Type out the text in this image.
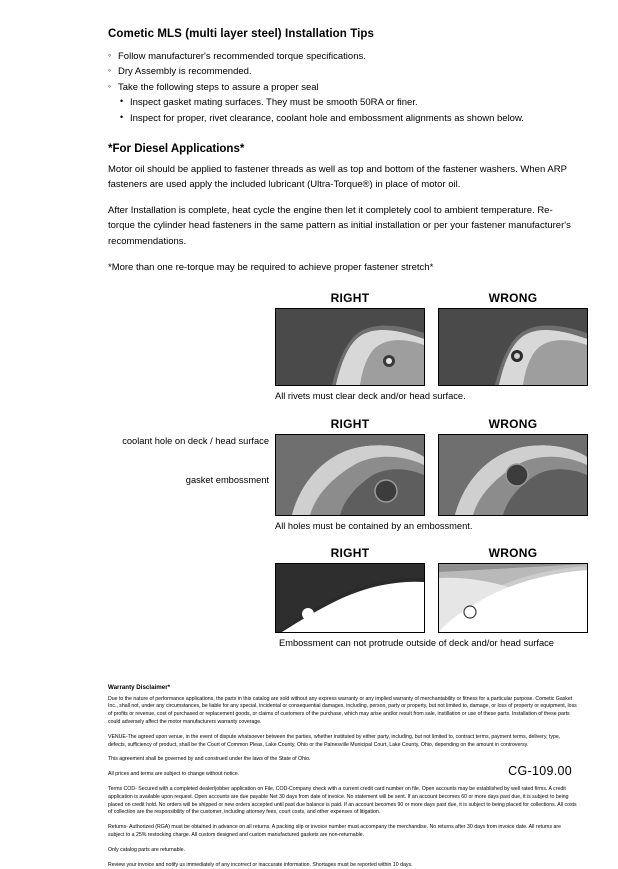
Cometic MLS (multi layer steel) Installation Tips
◦ Follow manufacturer's recommended torque specifications.
◦ Dry Assembly is recommended.
◦ Take the following steps to assure a proper seal
• Inspect gasket mating surfaces. They must be smooth 50RA or finer.
• Inspect for proper, rivet clearance, coolant hole and embossment alignments as shown below.
*For Diesel Applications*

Motor oil should be applied to fastener threads as well as top and bottom of the fastener washers. When ARP fasteners are used apply the included lubricant (Ultra-Torque®) in place of motor oil.

After Installation is complete, heat cycle the engine then let it completely cool to ambient temperature. Re-torque the cylinder head fasteners in the same pattern as initial installation or per your fastener manufacturer's recommendations.

*More than one re-torque may be required to achieve proper fastener stretch*

RIGHT	WRONG
All rivets must clear deck and/or head surface.
coolant hole on deck / head surface
gasket embossment
RIGHT	WRONG
All holes must be contained by an embossment.
RIGHT	WRONG
Embossment can not protrude outside of deck and/or head surface
Warranty Disclaimer*

Due to the nature of performance applications, the parts in this catalog are sold without any express warranty or any implied warranty of merchantability or fitness for a particular purpose. Cometic Gasket Inc., shall not, under any circumstances, be liable for any special, incidental or consequential damages, including, person, party or property, but not limited to, damage, or loss of property or equipment, loss of profits or revenue, cost of purchased or replacement goods, or claims of customers of the purchase, which may arise and/or result from sale, instillation or use of these parts. Installation of these parts could adversely affect the motor manufacturers warranty coverage.

VENUE-The agreed upon venue, in the event of dispute whatsoever between the parties, whether instituted by either party, including, but not limited to, contract terms, payment terms, delivery, type, defects, sufficiency of product, shall be the Court of Common Pleas, Lake County, Ohio or the Painesville Municipal Court, Lake County, Ohio, depending on the amount in controversy.

This agreement shall be governed by and construed under the laws of the State of Ohio.

All prices and terms are subject to change without notice.

Terms COD- Secured with a completed dealer/jobber application on File, COD-Company check with a current credit card number on file. Open accounts may be established by well rated firms. A credit application is available upon request. Open accounts are due payable Net 30 days from date of invoice. No statement will be sent. If an account becomes 60 or more days past due, it is subject to being placed on credit hold. No orders will be shipped or new orders accepted until past due balance is paid. If an account becomes 90 or more days past due, it is subject to being placed for collections. All costs of collection are the responsibility of the customer, including attorney fees, court costs, and other expenses of litigation.

Returns- Authorized (RGA) must be obtained in advance on all returns. A packing slip or invoice number must accompany the merchandise. No returns after 30 days from invoice date. All returns are subject to a 25% restocking charge. All custom designed and custom manufactured gaskets are non-returnable.

Only catalog parts are returnable.

Review your invoice and notify us immediately of any incorrect or inaccurate information. Shortages must be reported within 10 days.

CG-109.00
